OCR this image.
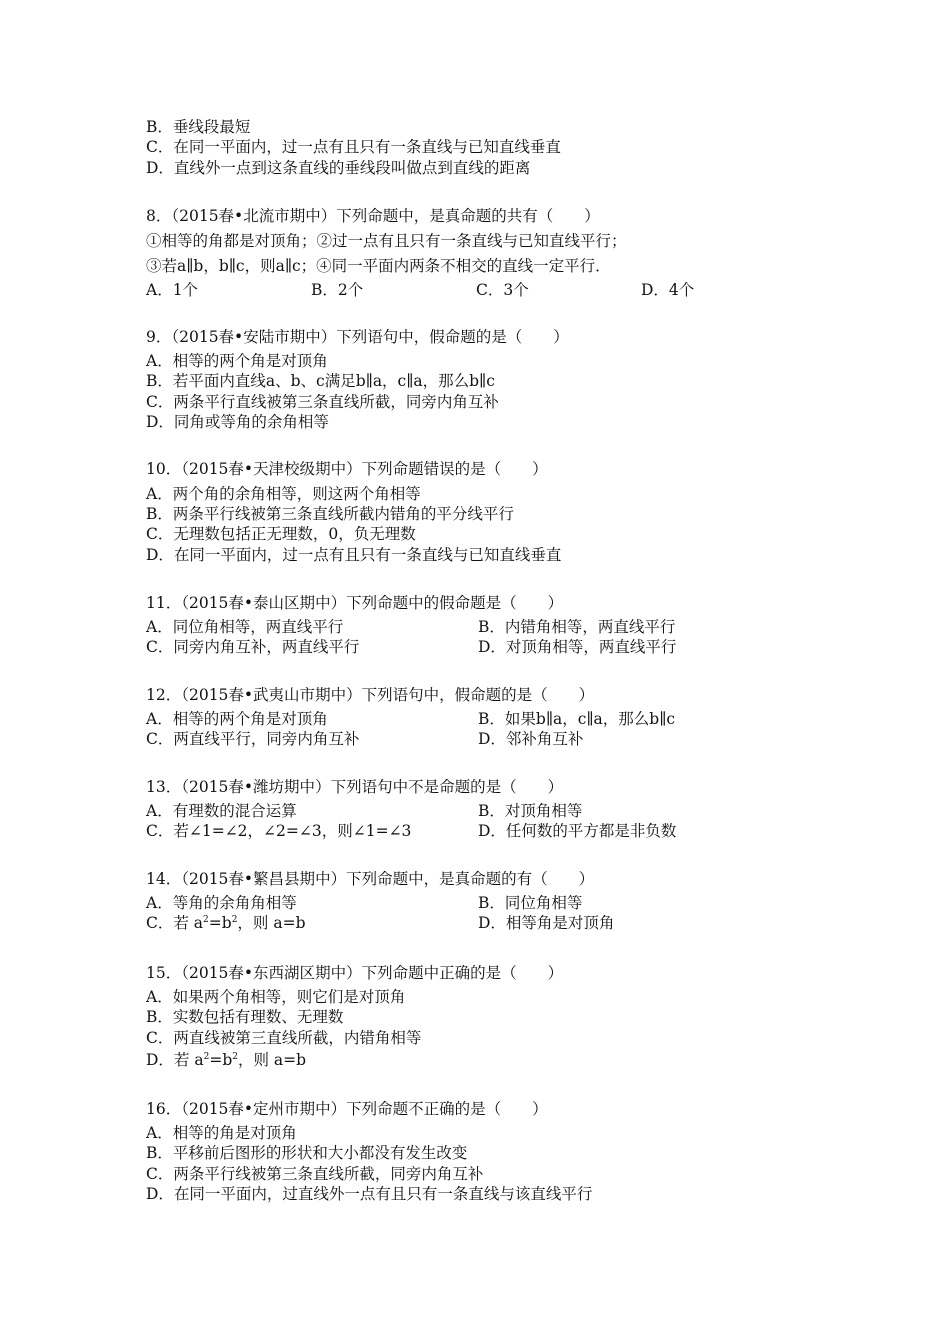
B．垂线段最短
C．在同一平面内，过一点有且只有一条直线与已知直线垂直
D．直线外一点到这条直线的垂线段叫做点到直线的距离
8．（2015春•北流市期中）下列命题中，是真命题的共有（　　）
①相等的角都是对顶角；②过一点有且只有一条直线与已知直线平行；
③若a∥b，b∥c，则a∥c；④同一平面内两条不相交的直线一定平行．
A．1个	B．2个	C．3个	D．4个
9．（2015春•安陆市期中）下列语句中，假命题的是（　　）
A．相等的两个角是对顶角
B．若平面内直线a、b、c满足b∥a，c∥a，那么b∥c
C．两条平行直线被第三条直线所截，同旁内角互补
D．同角或等角的余角相等
10．（2015春•天津校级期中）下列命题错误的是（　　）
A．两个角的余角相等，则这两个角相等
B．两条平行线被第三条直线所截内错角的平分线平行
C．无理数包括正无理数，0，负无理数
D．在同一平面内，过一点有且只有一条直线与已知直线垂直
11．（2015春•泰山区期中）下列命题中的假命题是（　　）
A．同位角相等，两直线平行	B．内错角相等，两直线平行
C．同旁内角互补，两直线平行	D．对顶角相等，两直线平行
12．（2015春•武夷山市期中）下列语句中，假命题的是（　　）
A．相等的两个角是对顶角	B．如果b∥a，c∥a，那么b∥c
C．两直线平行，同旁内角互补	D．邻补角互补
13．（2015春•潍坊期中）下列语句中不是命题的是（　　）
A．有理数的混合运算	B．对顶角相等
C．若∠1=∠2，∠2=∠3，则∠1=∠3	D．任何数的平方都是非负数
14．（2015春•繁昌县期中）下列命题中，是真命题的有（　　）
A．等角的余角角相等	B．同位角相等
C．若 $a^2=b^2$，则 a=b	D．相等角是对顶角
15．（2015春•东西湖区期中）下列命题中正确的是（　　）
A．如果两个角相等，则它们是对顶角
B．实数包括有理数、无理数
C．两直线被第三直线所截，内错角相等
D．若 $a^2=b^2$，则 a=b
16．（2015春•定州市期中）下列命题不正确的是（　　）
A．相等的角是对顶角
B．平移前后图形的形状和大小都没有发生改变
C．两条平行线被第三条直线所截，同旁内角互补
D．在同一平面内，过直线外一点有且只有一条直线与该直线平行
